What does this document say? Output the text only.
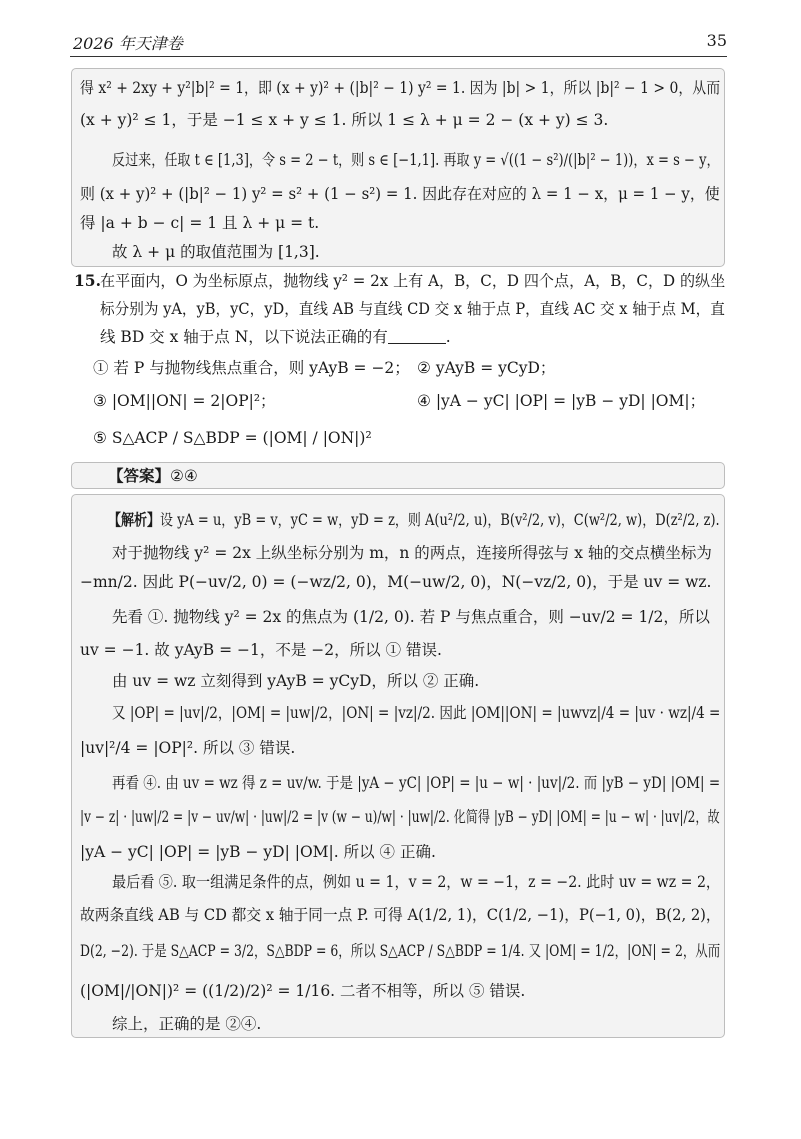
2026 年天津卷	35
得 x² + 2xy + y²|b|² = 1，即 (x + y)² + (|b|² − 1) y² = 1. 因为 |b| > 1，所以 |b|² − 1 > 0，从而
(x + y)² ≤ 1，于是 −1 ≤ x + y ≤ 1. 所以 1 ≤ λ + μ = 2 − (x + y) ≤ 3.
反过来，任取 t ∈ [1,3]，令 s = 2 − t，则 s ∈ [−1,1]. 再取 y = √((1 − s²)/(|b|² − 1))，x = s − y，
则 (x + y)² + (|b|² − 1) y² = s² + (1 − s²) = 1. 因此存在对应的 λ = 1 − x，μ = 1 − y，使
得 |a + b − c| = 1 且 λ + μ = t.
故 λ + μ 的取值范围为 [1,3].
15. 在平面内，O 为坐标原点，抛物线 y² = 2x 上有 A，B，C，D 四个点，A，B，C，D 的纵坐
标分别为 yA，yB，yC，yD，直线 AB 与直线 CD 交 x 轴于点 P，直线 AC 交 x 轴于点 M，直
线 BD 交 x 轴于点 N，以下说法正确的有	.
① 若 P 与抛物线焦点重合，则 yAyB = −2； ② yAyB = yCyD；
③ |OM||ON| = 2|OP|²；	④ |yA − yC| |OP| = |yB − yD| |OM|；
⑤ S△ACP / S△BDP = (|OM| / |ON|)²
【答案】②④
【解析】设 yA = u，yB = v，yC = w，yD = z，则 A(u²/2, u)，B(v²/2, v)，C(w²/2, w)，D(z²/2, z).
对于抛物线 y² = 2x 上纵坐标分别为 m，n 的两点，连接所得弦与 x 轴的交点横坐标为
−mn/2. 因此 P(−uv/2, 0) = (−wz/2, 0)，M(−uw/2, 0)，N(−vz/2, 0)，于是 uv = wz.
先看 ①. 抛物线 y² = 2x 的焦点为 (1/2, 0). 若 P 与焦点重合，则 −uv/2 = 1/2，所以
uv = −1. 故 yAyB = −1，不是 −2，所以 ① 错误.
由 uv = wz 立刻得到 yAyB = yCyD，所以 ② 正确.
又 |OP| = |uv|/2，|OM| = |uw|/2，|ON| = |vz|/2. 因此 |OM||ON| = |uwvz|/4 = |uv · wz|/4 =
|uv|²/4 = |OP|². 所以 ③ 错误.
再看 ④. 由 uv = wz 得 z = uv/w. 于是 |yA − yC| |OP| = |u − w| · |uv|/2. 而 |yB − yD| |OM| =
|v − z| · |uw|/2 = |v − uv/w| · |uw|/2 = |v (w − u)/w| · |uw|/2. 化简得 |yB − yD| |OM| = |u − w| · |uv|/2，故
|yA − yC| |OP| = |yB − yD| |OM|. 所以 ④ 正确.
最后看 ⑤. 取一组满足条件的点，例如 u = 1，v = 2，w = −1，z = −2. 此时 uv = wz = 2，
故两条直线 AB 与 CD 都交 x 轴于同一点 P. 可得 A(1/2, 1)，C(1/2, −1)，P(−1, 0)，B(2, 2)，
D(2, −2). 于是 S△ACP = 3/2，S△BDP = 6，所以 S△ACP / S△BDP = 1/4. 又 |OM| = 1/2，|ON| = 2，从而
(|OM|/|ON|)² = ((1/2)/2)² = 1/16. 二者不相等，所以 ⑤ 错误.
综上，正确的是 ②④.
